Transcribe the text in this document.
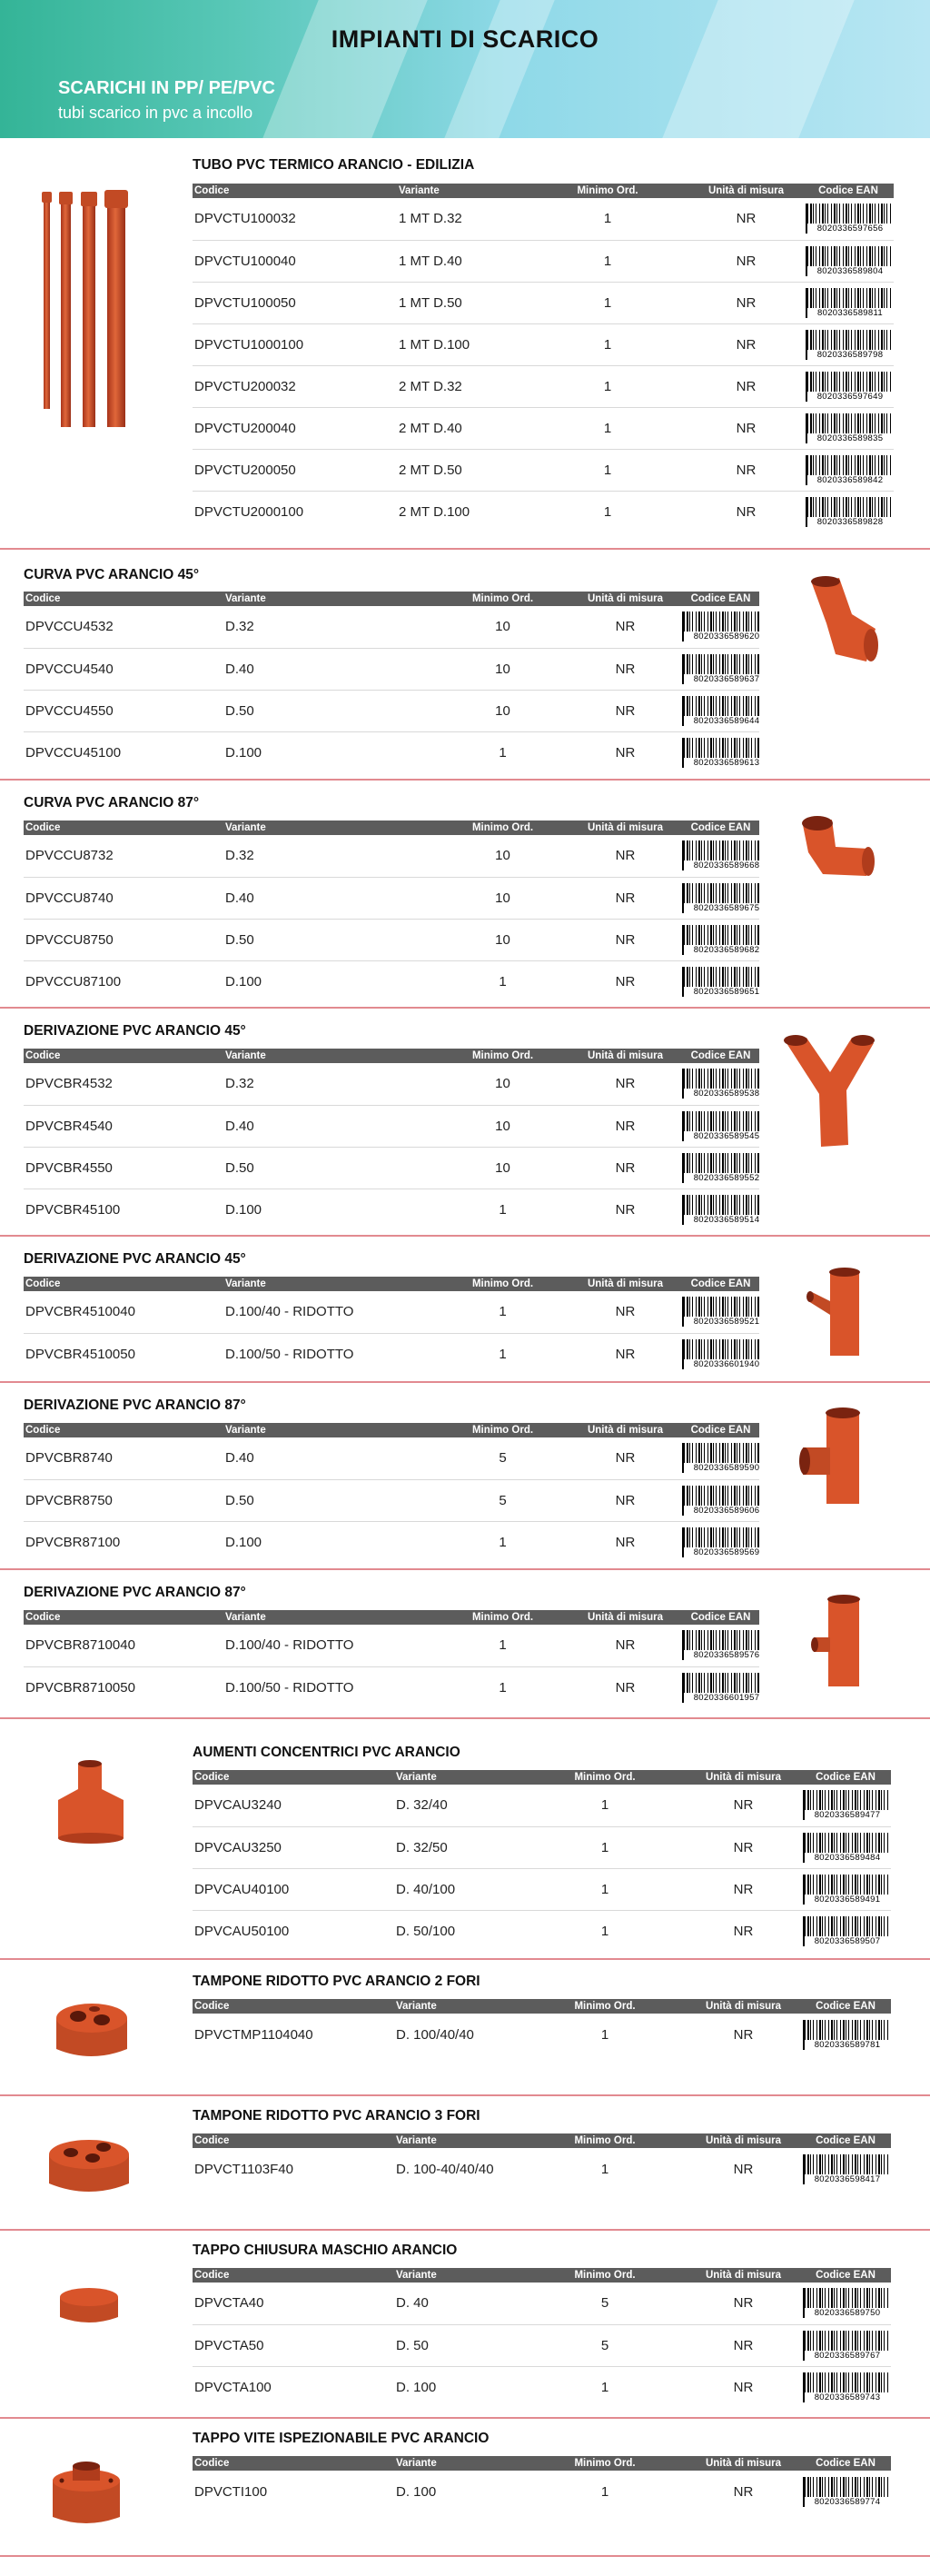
IMPIANTI DI SCARICO
SCARICHI IN PP/ PE/PVC
tubi scarico in pvc a incollo
TUBO PVC TERMICO ARANCIO - EDILIZIA
Codice	Variante	Minimo Ord.	Unità di misura	Codice EAN
DPVCTU100032	1 MT D.32	1	NR	8020336597656

DPVCTU100040	1 MT D.40	1	NR	8020336589804

DPVCTU100050	1 MT D.50	1	NR	8020336589811

DPVCTU1000100	1 MT D.100	1	NR	8020336589798

DPVCTU200032	2 MT D.32	1	NR	8020336597649

DPVCTU200040	2 MT D.40	1	NR	8020336589835

DPVCTU200050	2 MT D.50	1	NR	8020336589842

DPVCTU2000100	2 MT D.100	1	NR	8020336589828
CURVA PVC ARANCIO 45°
Codice	Variante	Minimo Ord.	Unità di misura	Codice EAN
DPVCCU4532	D.32	10	NR	8020336589620

DPVCCU4540	D.40	10	NR	8020336589637

DPVCCU4550	D.50	10	NR	8020336589644

DPVCCU45100	D.100	1	NR	8020336589613
CURVA PVC ARANCIO 87°
Codice	Variante	Minimo Ord.	Unità di misura	Codice EAN
DPVCCU8732	D.32	10	NR	8020336589668

DPVCCU8740	D.40	10	NR	8020336589675

DPVCCU8750	D.50	10	NR	8020336589682

DPVCCU87100	D.100	1	NR	8020336589651
DERIVAZIONE PVC ARANCIO 45°
Codice	Variante	Minimo Ord.	Unità di misura	Codice EAN
DPVCBR4532	D.32	10	NR	8020336589538

DPVCBR4540	D.40	10	NR	8020336589545

DPVCBR4550	D.50	10	NR	8020336589552

DPVCBR45100	D.100	1	NR	8020336589514
DERIVAZIONE PVC ARANCIO 45°
Codice	Variante	Minimo Ord.	Unità di misura	Codice EAN
DPVCBR4510040	D.100/40 - RIDOTTO	1	NR	8020336589521

DPVCBR4510050	D.100/50 - RIDOTTO	1	NR	8020336601940
DERIVAZIONE PVC ARANCIO 87°
Codice	Variante	Minimo Ord.	Unità di misura	Codice EAN
DPVCBR8740	D.40	5	NR	8020336589590

DPVCBR8750	D.50	5	NR	8020336589606

DPVCBR87100	D.100	1	NR	8020336589569
DERIVAZIONE PVC ARANCIO 87°
Codice	Variante	Minimo Ord.	Unità di misura	Codice EAN
DPVCBR8710040	D.100/40 - RIDOTTO	1	NR	8020336589576

DPVCBR8710050	D.100/50 - RIDOTTO	1	NR	8020336601957
AUMENTI CONCENTRICI PVC ARANCIO
Codice	Variante	Minimo Ord.	Unità di misura	Codice EAN
DPVCAU3240	D. 32/40	1	NR	8020336589477

DPVCAU3250	D. 32/50	1	NR	8020336589484

DPVCAU40100	D. 40/100	1	NR	8020336589491

DPVCAU50100	D. 50/100	1	NR	8020336589507
TAMPONE RIDOTTO PVC ARANCIO 2 FORI
Codice	Variante	Minimo Ord.	Unità di misura	Codice EAN
DPVCTMP1104040	D. 100/40/40	1	NR	8020336589781
TAMPONE RIDOTTO PVC ARANCIO 3 FORI
Codice	Variante	Minimo Ord.	Unità di misura	Codice EAN
DPVCT1103F40	D. 100-40/40/40	1	NR	8020336598417
TAPPO CHIUSURA MASCHIO ARANCIO
Codice	Variante	Minimo Ord.	Unità di misura	Codice EAN
DPVCTA40	D. 40	5	NR	8020336589750

DPVCTA50	D. 50	5	NR	8020336589767

DPVCTA100	D. 100	1	NR	8020336589743
TAPPO VITE ISPEZIONABILE PVC ARANCIO
Codice	Variante	Minimo Ord.	Unità di misura	Codice EAN
DPVCTI100	D. 100	1	NR	8020336589774
